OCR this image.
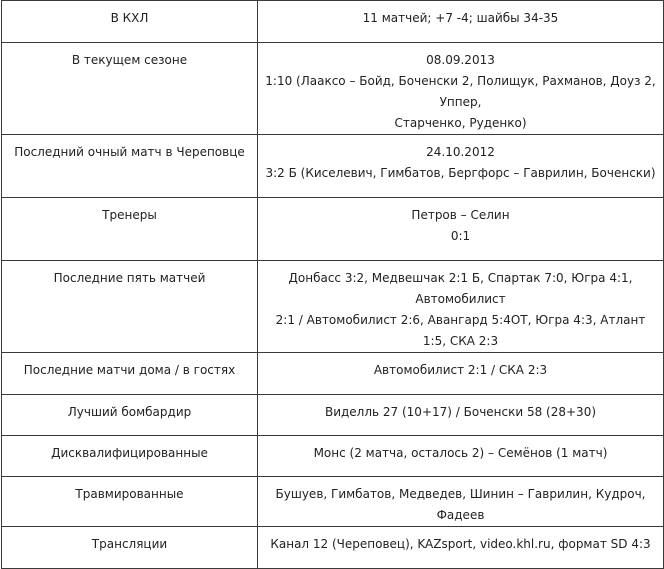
В КХЛ	11 матчей; +7 -4; шайбы 34-35

В текущем сезоне	08.09.2013
1:10 (Лаaксо – Бойд, Боченски 2, Полищук, Рахманов, Доуз 2, Уппер,
Старченко, Руденко)

Последний очный матч в Череповце	24.10.2012
3:2 Б (Киселевич, Гимбатов, Бергфорс – Гаврилин, Боченски)

Тренеры	Петров – Селин
0:1

Последние пять матчей	Донбасс 3:2, Медвешчак 2:1 Б, Спартак 7:0, Югра 4:1, Автомобилист
2:1 / Автомобилист 2:6, Авангард 5:4ОТ, Югра 4:3, Атлант 1:5, СКА 2:3

Последние матчи дома / в гостях	Автомобилист 2:1 / СКА 2:3

Лучший бомбардир	Виделль 27 (10+17) / Боченски 58 (28+30)

Дисквалифицированные	Монс (2 матча, осталось 2) – Семёнов (1 матч)

Травмированные	Бушуев, Гимбатов, Медведев, Шинин – Гаврилин, Кудроч, Фадеев

Трансляции	Канал 12 (Череповец), KAZsport, video.khl.ru, формат SD 4:3
